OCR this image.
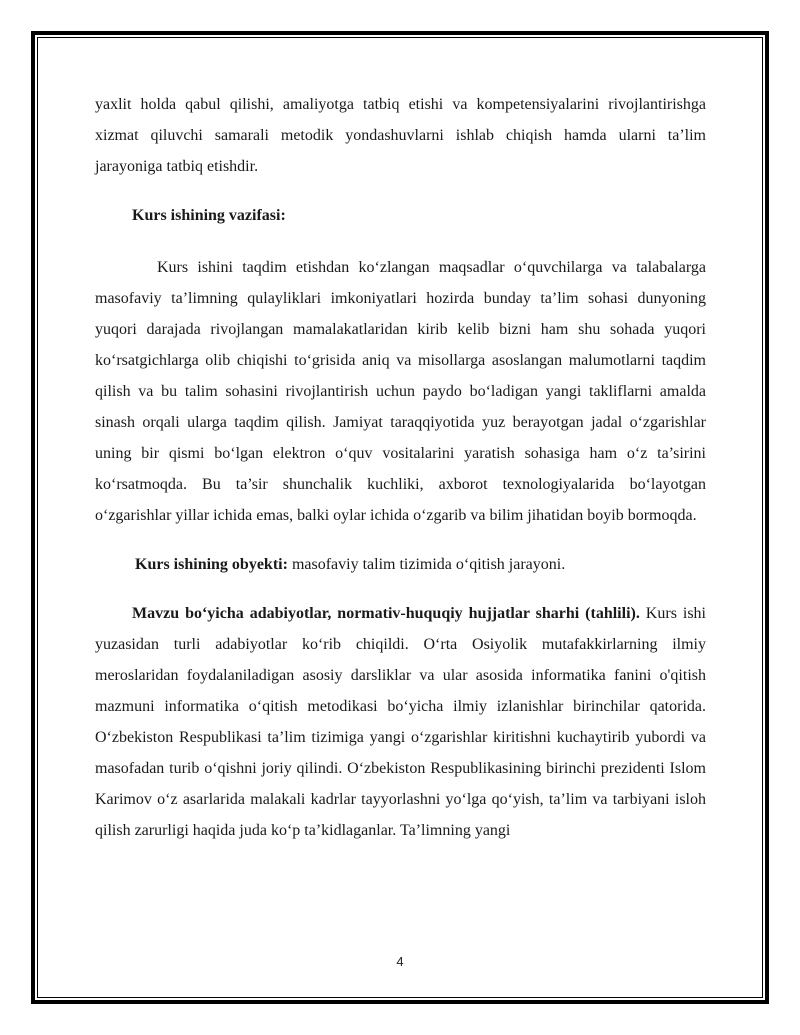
yaxlit holda qabul qilishi, amaliyotga tatbiq etishi va kompetensiyalarini rivojlantirishga xizmat qiluvchi samarali metodik yondashuvlarni ishlab chiqish hamda ularni ta’lim jarayoniga tatbiq etishdir.

Kurs ishining vazifasi:

Kurs ishini taqdim etishdan koʻzlangan maqsadlar oʻquvchilarga va talabalarga masofaviy ta’limning qulayliklari imkoniyatlari hozirda bunday ta’lim sohasi dunyoning yuqori darajada rivojlangan mamalakatlaridan kirib kelib bizni ham shu sohada yuqori koʻrsatgichlarga olib chiqishi toʻgrisida aniq va misollarga asoslangan malumotlarni taqdim qilish va bu talim sohasini rivojlantirish uchun paydo boʻladigan yangi takliflarni amalda sinash orqali ularga taqdim qilish. Jamiyat taraqqiyotida yuz berayotgan jadal oʻzgarishlar uning bir qismi boʻlgan elektron oʻquv vositalarini yaratish sohasiga ham oʻz ta’sirini koʻrsatmoqda. Bu ta’sir shunchalik kuchliki, axborot texnologiyalarida boʻlayotgan oʻzgarishlar yillar ichida emas, balki oylar ichida oʻzgarib va bilim jihatidan boyib bormoqda.

Kurs ishining obyekti: masofaviy talim tizimida oʻqitish jarayoni.

Mavzu boʻyicha adabiyotlar, normativ-huquqiy hujjatlar sharhi (tahlili). Kurs ishi yuzasidan turli adabiyotlar koʻrib chiqildi. Oʻrta Osiyolik mutafakkirlarning ilmiy meroslaridan foydalaniladigan asosiy darsliklar va ular asosida informatika fanini o'qitish mazmuni informatika oʻqitish metodikasi boʻyicha ilmiy izlanishlar birinchilar qatorida. Oʻzbekiston Respublikasi ta’lim tizimiga yangi oʻzgarishlar kiritishni kuchaytirib yubordi va masofadan turib oʻqishni joriy qilindi. Oʻzbekiston Respublikasining birinchi prezidenti Islom Karimov oʻz asarlarida malakali kadrlar tayyorlashni yoʻlga qoʻyish, ta’lim va tarbiyani isloh qilish zarurligi haqida juda koʻp ta’kidlaganlar. Ta’limning yangi

4
